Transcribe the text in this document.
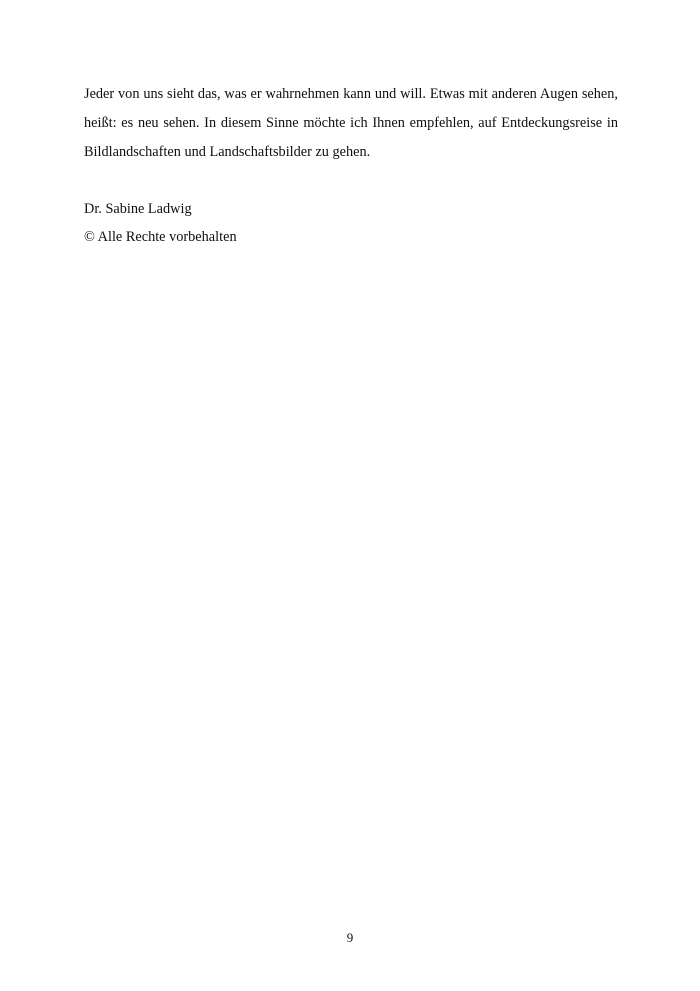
Jeder von uns sieht das, was er wahrnehmen kann und will. Etwas mit anderen Augen sehen, heißt: es neu sehen. In diesem Sinne möchte ich Ihnen empfehlen, auf Entdeckungsreise in Bildlandschaften und Landschaftsbilder zu gehen.

Dr. Sabine Ladwig

© Alle Rechte vorbehalten

9
